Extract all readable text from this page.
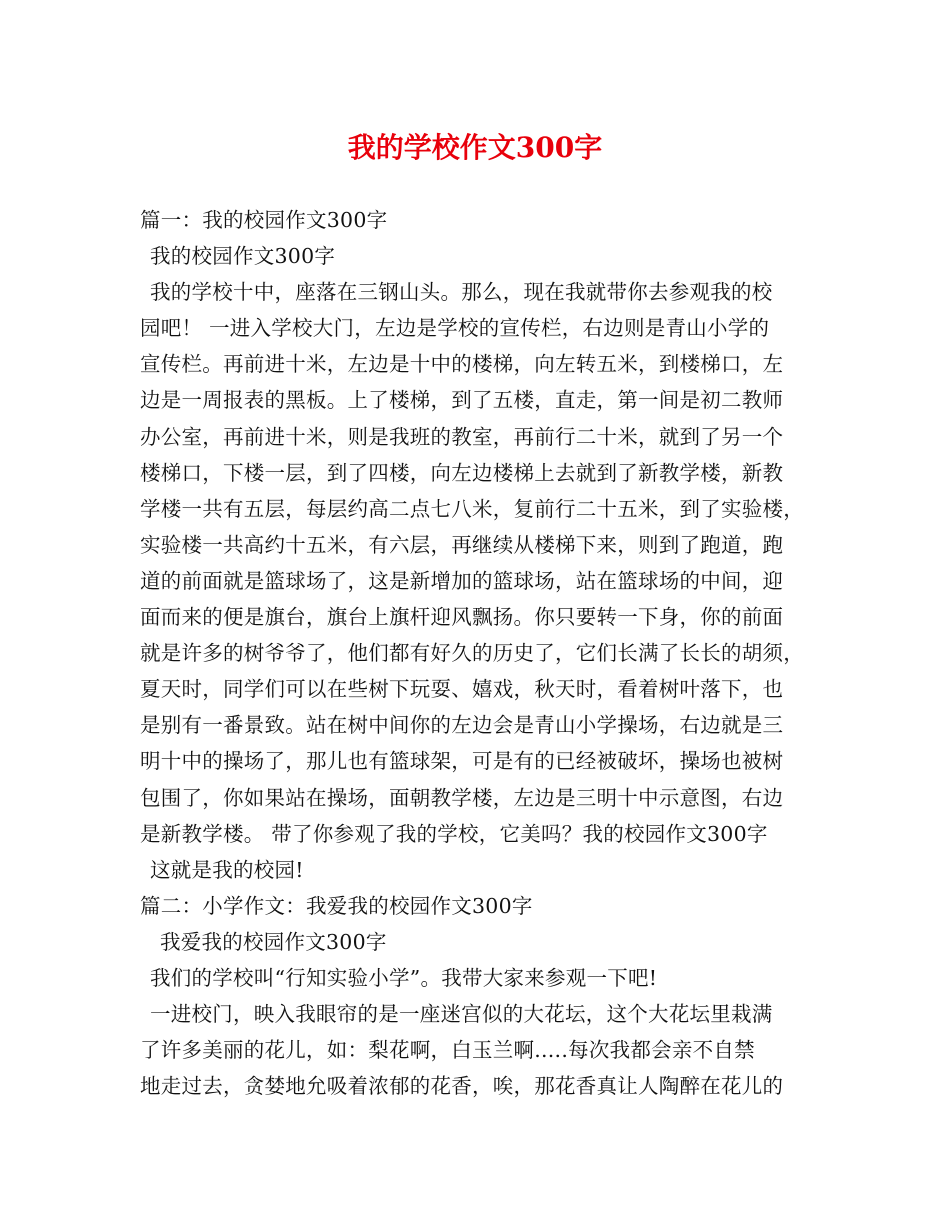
我的学校作文300字
篇一：我的校园作文300字
我的校园作文300字
我的学校十中，座落在三钢山头。那么，现在我就带你去参观我的校
园吧！ 一进入学校大门，左边是学校的宣传栏，右边则是青山小学的
宣传栏。再前进十米，左边是十中的楼梯，向左转五米，到楼梯口，左
边是一周报表的黑板。上了楼梯，到了五楼，直走，第一间是初二教师
办公室，再前进十米，则是我班的教室，再前行二十米，就到了另一个
楼梯口，下楼一层，到了四楼，向左边楼梯上去就到了新教学楼，新教
学楼一共有五层，每层约高二点七八米，复前行二十五米，到了实验楼，
实验楼一共高约十五米，有六层，再继续从楼梯下来，则到了跑道，跑
道的前面就是篮球场了，这是新增加的篮球场，站在篮球场的中间，迎
面而来的便是旗台，旗台上旗杆迎风飘扬。你只要转一下身，你的前面
就是许多的树爷爷了，他们都有好久的历史了，它们长满了长长的胡须，
夏天时，同学们可以在些树下玩耍、嬉戏，秋天时，看着树叶落下，也
是别有一番景致。站在树中间你的左边会是青山小学操场，右边就是三
明十中的操场了，那儿也有篮球架，可是有的已经被破坏，操场也被树
包围了，你如果站在操场，面朝教学楼，左边是三明十中示意图，右边
是新教学楼。 带了你参观了我的学校，它美吗？我的校园作文300字
这就是我的校园!
篇二：小学作文：我爱我的校园作文300字
我爱我的校园作文300字
我们的学校叫“行知实验小学”。我带大家来参观一下吧!
一进校门，映入我眼帘的是一座迷宫似的大花坛，这个大花坛里栽满
了许多美丽的花儿，如：梨花啊，白玉兰啊.....每次我都会亲不自禁
地走过去，贪婪地允吸着浓郁的花香，唉，那花香真让人陶醉在花儿的
